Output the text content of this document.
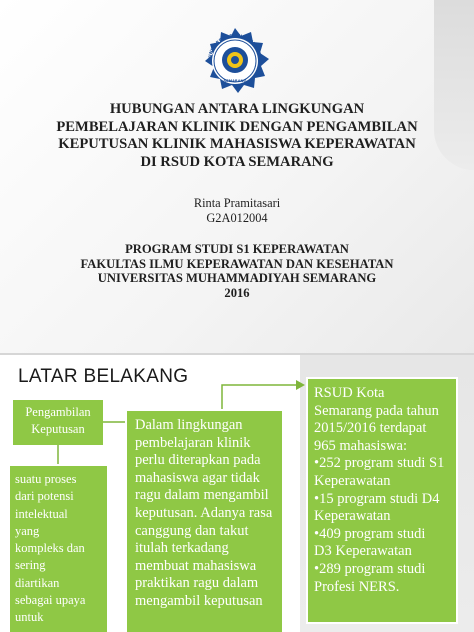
UNIVERSITAS MUHAMMADIYA
SEMARANG
HUBUNGAN ANTARA LINGKUNGAN
PEMBELAJARAN KLINIK DENGAN PENGAMBILAN
KEPUTUSAN KLINIK MAHASISWA KEPERAWATAN
DI RSUD KOTA SEMARANG
Rinta Pramitasari
G2A012004
PROGRAM STUDI S1 KEPERAWATAN
FAKULTAS ILMU KEPERAWATAN DAN KESEHATAN
UNIVERSITAS MUHAMMADIYAH SEMARANG
2016
LATAR BELAKANG
Pengambilan
Keputusan
suatu proses
dari potensi
intelektual
yang
kompleks dan
sering
diartikan
sebagai upaya
untuk
Dalam lingkungan
pembelajaran klinik
perlu diterapkan pada
mahasiswa agar tidak
ragu dalam mengambil
keputusan. Adanya rasa
canggung dan takut
itulah terkadang
membuat mahasiswa
praktikan ragu dalam
mengambil keputusan
RSUD Kota
Semarang pada tahun
2015/2016 terdapat
965 mahasiswa:
•252 program studi S1
Keperawatan
•15 program studi D4
Keperawatan
•409 program studi
D3 Keperawatan
•289 program studi
Profesi NERS.
